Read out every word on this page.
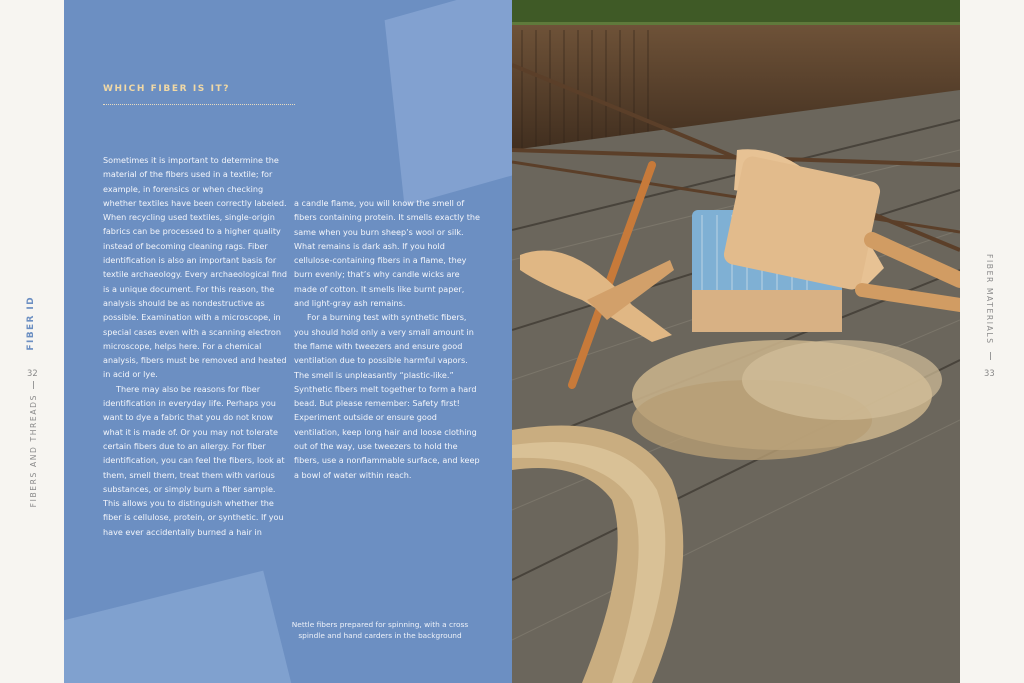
FIBER ID
32
FIBERS AND THREADS
FIBER MATERIALS
33
WHICH FIBER IS IT?

Sometimes it is important to determine the material of the fibers used in a textile; for example, in forensics or when checking whether textiles have been correctly labeled. When recycling used textiles, single-origin fabrics can be processed to a higher quality instead of becoming cleaning rags. Fiber identification is also an important basis for textile archaeology. Every archaeological find is a unique document. For this reason, the analysis should be as nondestructive as possible. Examination with a microscope, in special cases even with a scanning electron microscope, helps here. For a chemical analysis, fibers must be removed and heated in acid or lye.

There may also be reasons for fiber identification in everyday life. Perhaps you want to dye a fabric that you do not know what it is made of. Or you may not tolerate certain fibers due to an allergy. For fiber identification, you can feel the fibers, look at them, smell them, treat them with various substances, or simply burn a fiber sample. This allows you to distinguish whether the fiber is cellulose, protein, or synthetic. If you have ever accidentally burned a hair in

a candle flame, you will know the smell of fibers containing protein. It smells exactly the same when you burn sheep’s wool or silk. What remains is dark ash. If you hold cellulose-containing fibers in a flame, they burn evenly; that’s why candle wicks are made of cotton. It smells like burnt paper, and light-gray ash remains.

For a burning test with synthetic fibers, you should hold only a very small amount in the flame with tweezers and ensure good ventilation due to possible harmful vapors. The smell is unpleasantly “plastic-like.” Synthetic fibers melt together to form a hard bead. But please remember: Safety first! Experiment outside or ensure good ventilation, keep long hair and loose clothing out of the way, use tweezers to hold the fibers, use a nonflammable surface, and keep a bowl of water within reach.

Nettle fibers prepared for spinning, with a cross spindle and hand carders in the background
